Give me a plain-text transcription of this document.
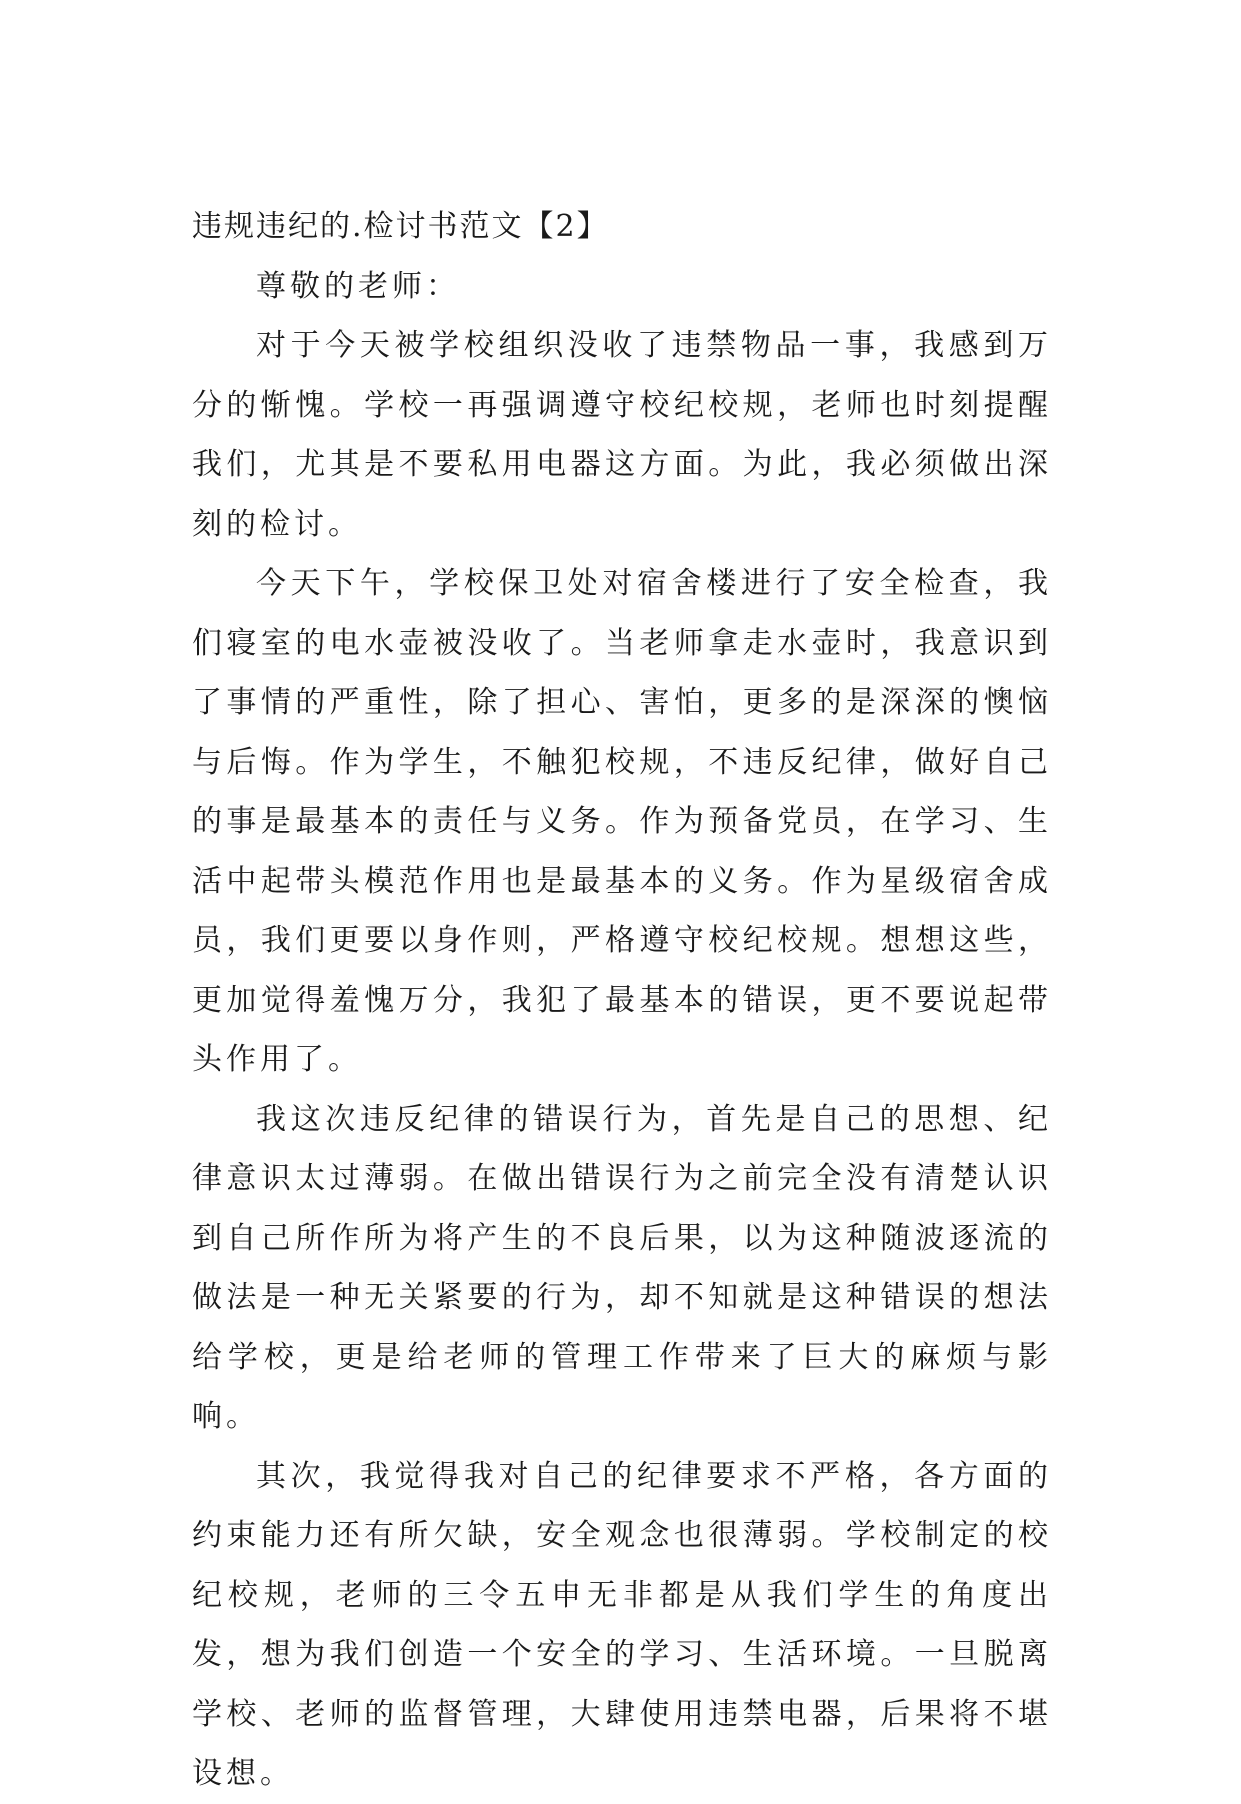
违规违纪的.检讨书范文【2】

尊敬的老师：

对于今天被学校组织没收了违禁物品一事，我感到万分的惭愧。学校一再强调遵守校纪校规，老师也时刻提醒我们，尤其是不要私用电器这方面。为此，我必须做出深刻的检讨。

今天下午，学校保卫处对宿舍楼进行了安全检查，我们寝室的电水壶被没收了。当老师拿走水壶时，我意识到了事情的严重性，除了担心、害怕，更多的是深深的懊恼与后悔。作为学生，不触犯校规，不违反纪律，做好自己的事是最基本的责任与义务。作为预备党员，在学习、生活中起带头模范作用也是最基本的义务。作为星级宿舍成员，我们更要以身作则，严格遵守校纪校规。想想这些，更加觉得羞愧万分，我犯了最基本的错误，更不要说起带头作用了。

我这次违反纪律的错误行为，首先是自己的思想、纪律意识太过薄弱。在做出错误行为之前完全没有清楚认识到自己所作所为将产生的不良后果，以为这种随波逐流的做法是一种无关紧要的行为，却不知就是这种错误的想法给学校，更是给老师的管理工作带来了巨大的麻烦与影响。

其次，我觉得我对自己的纪律要求不严格，各方面的约束能力还有所欠缺，安全观念也很薄弱。学校制定的校纪校规，老师的三令五申无非都是从我们学生的角度出发，想为我们创造一个安全的学习、生活环境。一旦脱离学校、老师的监督管理，大肆使用违禁电器，后果将不堪设想。
